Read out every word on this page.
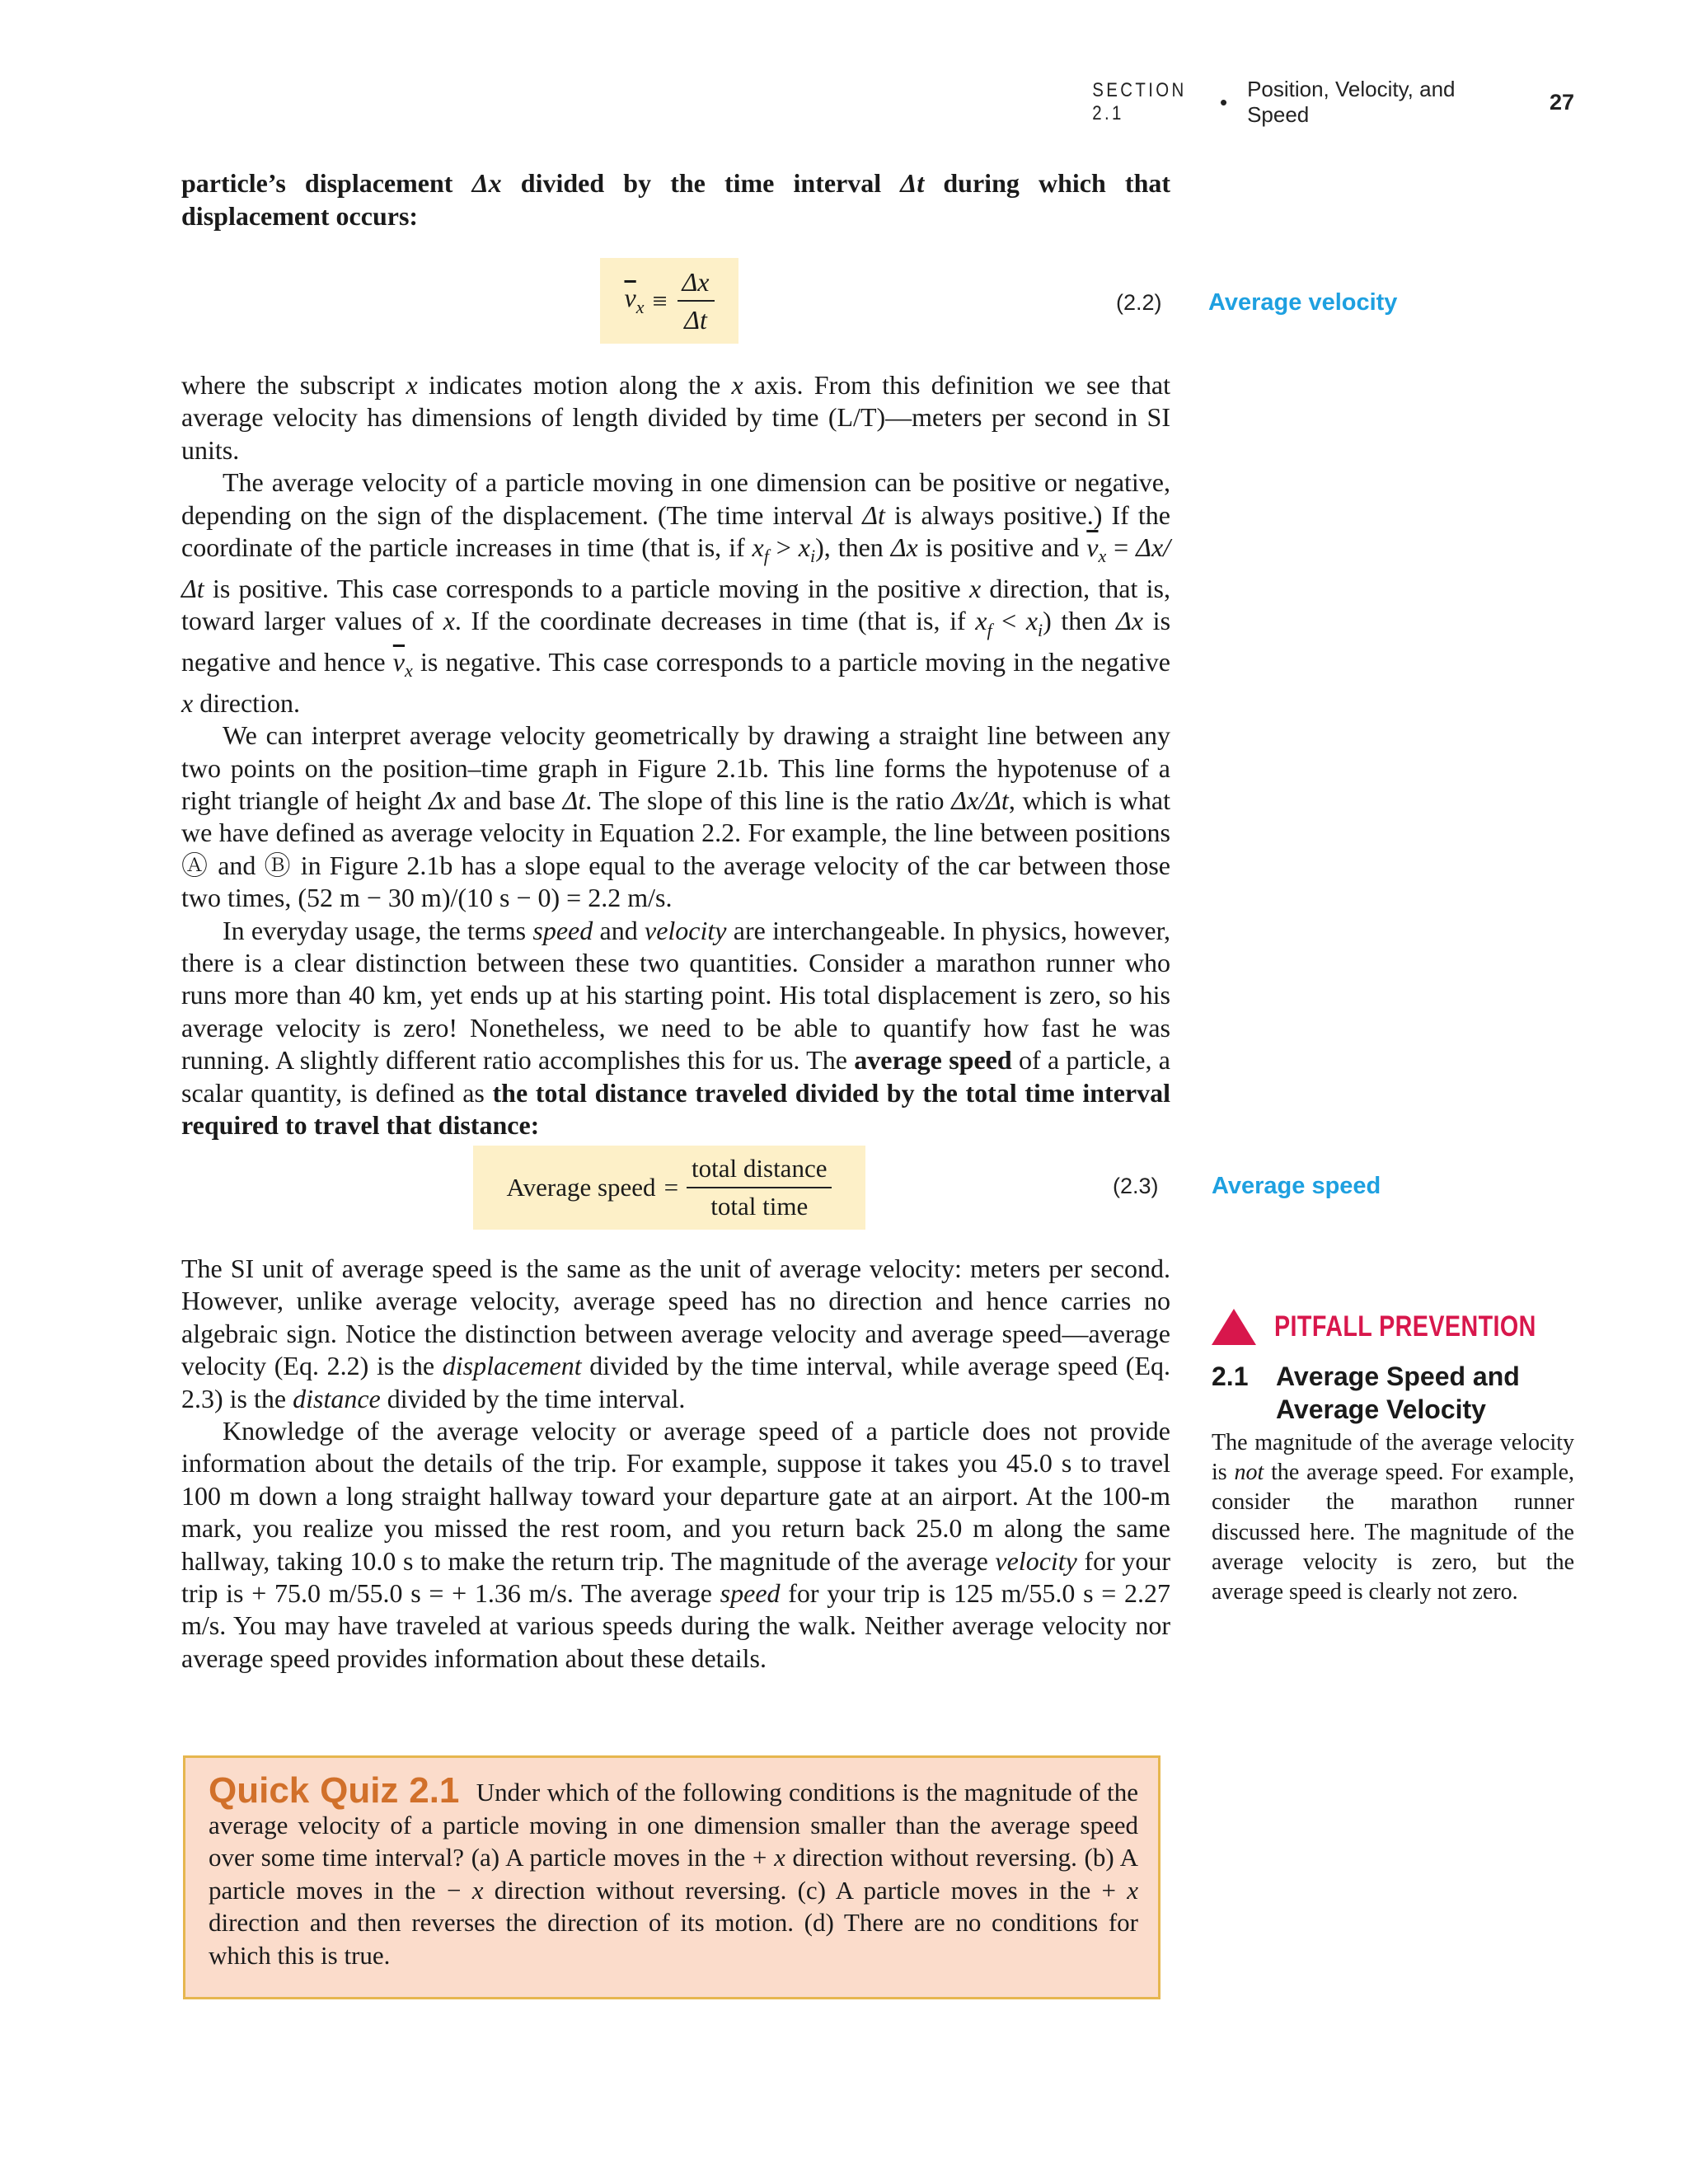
SECTION 2.1	•
Position, Velocity, and Speed
27

particle’s displacement Δx divided by the time interval Δt during which that displacement occurs:

$\overline{v}_x \equiv \frac{\Delta x}{\Delta t}$	(2.2) Average velocity

where the subscript x indicates motion along the x axis. From this definition we see that average velocity has dimensions of length divided by time (L/T)—meters per second in SI units.

The average velocity of a particle moving in one dimension can be positive or negative, depending on the sign of the displacement. (The time interval Δt is always positive.) If the coordinate of the particle increases in time (that is, if $x_f > x_i$), then Δx is positive and $\overline{v}_x = \Delta x/\Delta t$ is positive. This case corresponds to a particle moving in the positive x direction, that is, toward larger values of x. If the coordinate decreases in time (that is, if $x_f < x_i$) then Δx is negative and hence $\overline{v}_x$ is negative. This case corresponds to a particle moving in the negative x direction.

We can interpret average velocity geometrically by drawing a straight line between any two points on the position–time graph in Figure 2.1b. This line forms the hypotenuse of a right triangle of height Δx and base Δt. The slope of this line is the ratio Δx/Δt, which is what we have defined as average velocity in Equation 2.2. For example, the line between positions Ⓐ and Ⓑ in Figure 2.1b has a slope equal to the average velocity of the car between those two times, (52 m − 30 m)/(10 s − 0) = 2.2 m/s.

In everyday usage, the terms speed and velocity are interchangeable. In physics, however, there is a clear distinction between these two quantities. Consider a marathon runner who runs more than 40 km, yet ends up at his starting point. His total displacement is zero, so his average velocity is zero! Nonetheless, we need to be able to quantify how fast he was running. A slightly different ratio accomplishes this for us. The average speed of a particle, a scalar quantity, is defined as the total distance traveled divided by the total time interval required to travel that distance:

Average speed = $\frac{\text{total distance}}{\text{total time}}$	(2.3) Average speed

The SI unit of average speed is the same as the unit of average velocity: meters per second. However, unlike average velocity, average speed has no direction and hence carries no algebraic sign. Notice the distinction between average velocity and average speed—average velocity (Eq. 2.2) is the displacement divided by the time interval, while average speed (Eq. 2.3) is the distance divided by the time interval.

Knowledge of the average velocity or average speed of a particle does not provide information about the details of the trip. For example, suppose it takes you 45.0 s to travel 100 m down a long straight hallway toward your departure gate at an airport. At the 100-m mark, you realize you missed the rest room, and you return back 25.0 m along the same hallway, taking 10.0 s to make the return trip. The magnitude of the average velocity for your trip is + 75.0 m/55.0 s = + 1.36 m/s. The average speed for your trip is 125 m/55.0 s = 2.27 m/s. You may have traveled at various speeds during the walk. Neither average velocity nor average speed provides information about these details.

PITFALL PREVENTION
2.1	Average Speed and Average Velocity
The magnitude of the average velocity is not the average speed. For example, consider the marathon runner discussed here. The magnitude of the average velocity is zero, but the average speed is clearly not zero.
Quick Quiz 2.1 Under which of the following conditions is the magnitude of the average velocity of a particle moving in one dimension smaller than the average speed over some time interval? (a) A particle moves in the + x direction without reversing. (b) A particle moves in the − x direction without reversing. (c) A particle moves in the + x direction and then reverses the direction of its motion. (d) There are no conditions for which this is true.
